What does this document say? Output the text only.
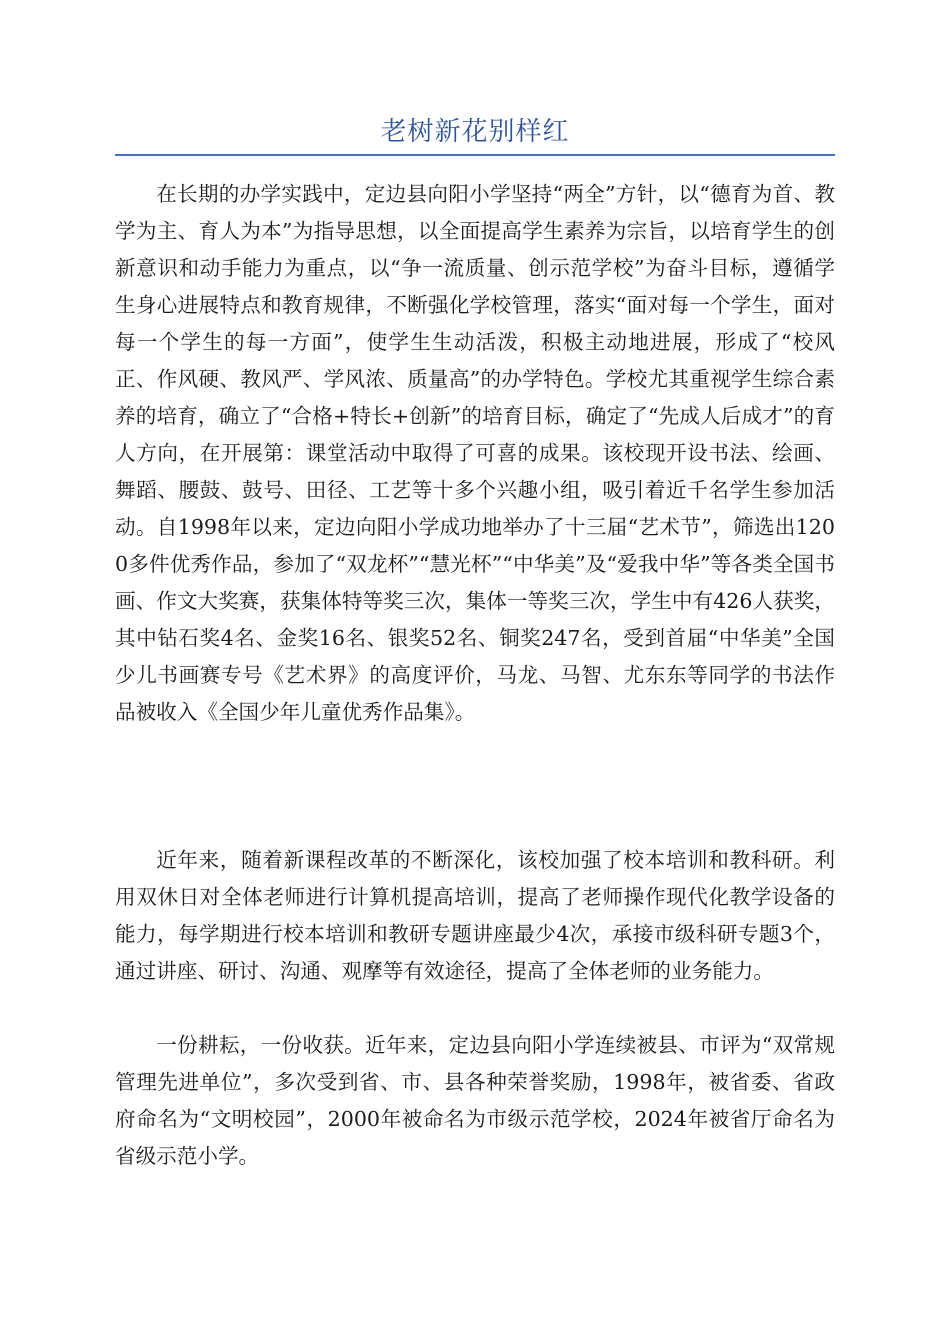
老树新花别样红

在长期的办学实践中，定边县向阳小学坚持“两全”方针，以“德育为首、教学为主、育人为本”为指导思想，以全面提高学生素养为宗旨，以培育学生的创新意识和动手能力为重点，以“争一流质量、创示范学校”为奋斗目标，遵循学生身心进展特点和教育规律，不断强化学校管理，落实“面对每一个学生，面对每一个学生的每一方面”，使学生生动活泼，积极主动地进展，形成了“校风正、作风硬、教风严、学风浓、质量高”的办学特色。学校尤其重视学生综合素养的培育，确立了“合格+特长+创新”的培育目标，确定了“先成人后成才”的育人方向，在开展第：课堂活动中取得了可喜的成果。该校现开设书法、绘画、舞蹈、腰鼓、鼓号、田径、工艺等十多个兴趣小组，吸引着近千名学生参加活动。自1998年以来，定边向阳小学成功地举办了十三届“艺术节”，筛选出1200多件优秀作品，参加了“双龙杯”“慧光杯”“中华美”及“爱我中华”等各类全国书画、作文大奖赛，获集体特等奖三次，集体一等奖三次，学生中有426人获奖，其中钻石奖4名、金奖16名、银奖52名、铜奖247名，受到首届“中华美”全国少儿书画赛专号《艺术界》的高度评价，马龙、马智、尤东东等同学的书法作品被收入《全国少年儿童优秀作品集》。

近年来，随着新课程改革的不断深化，该校加强了校本培训和教科研。利用双休日对全体老师进行计算机提高培训，提高了老师操作现代化教学设备的能力，每学期进行校本培训和教研专题讲座最少4次，承接市级科研专题3个，通过讲座、研讨、沟通、观摩等有效途径，提高了全体老师的业务能力。

一份耕耘，一份收获。近年来，定边县向阳小学连续被县、市评为“双常规管理先进单位”，多次受到省、市、县各种荣誉奖励，1998年，被省委、省政府命名为“文明校园”，2000年被命名为市级示范学校，2024年被省厅命名为省级示范小学。
